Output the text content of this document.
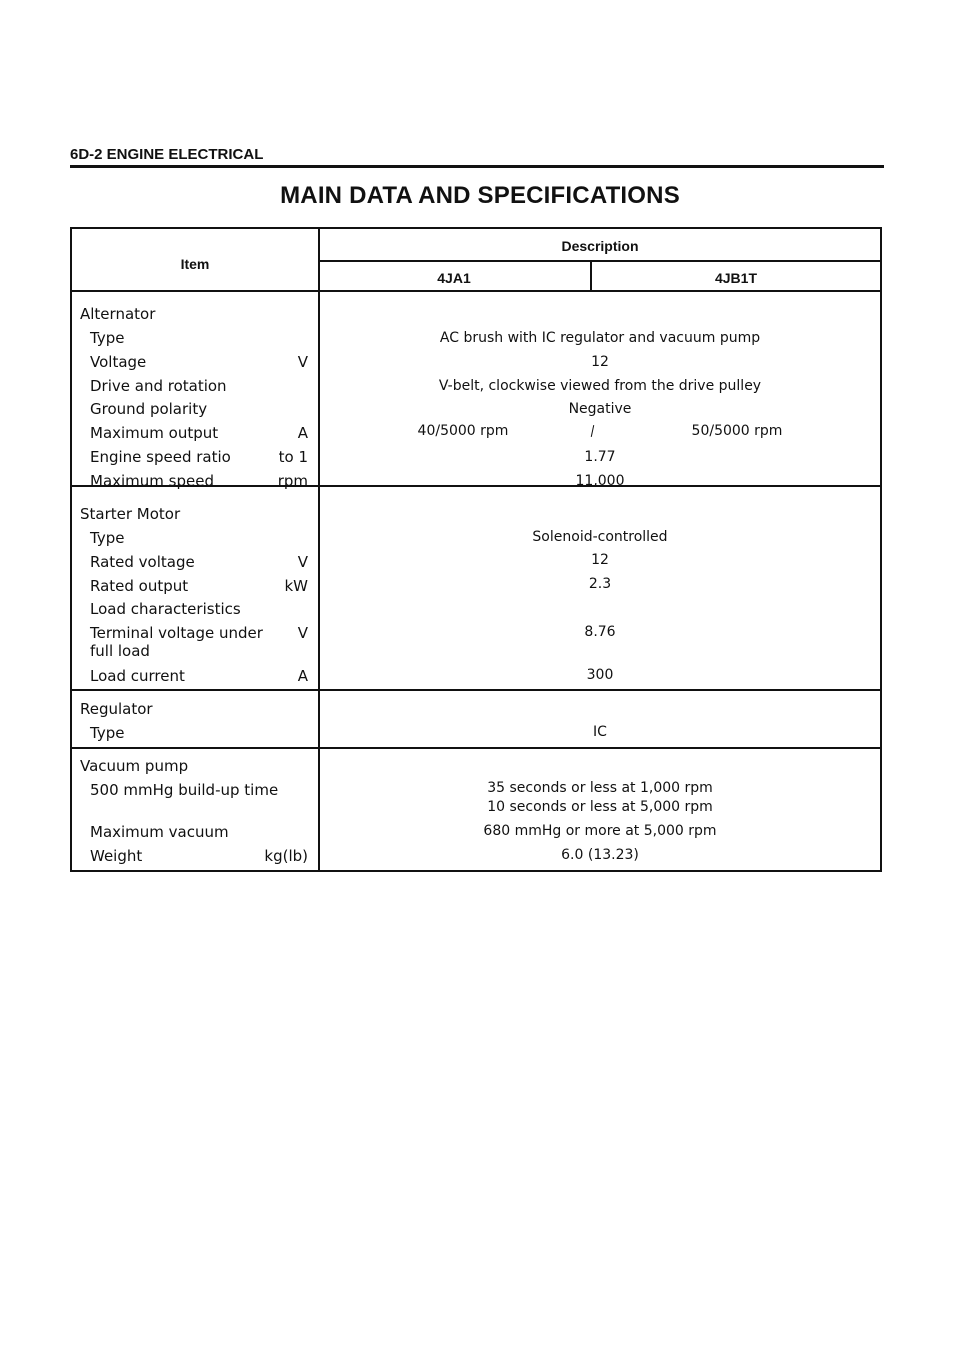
6D-2 ENGINE ELECTRICAL
MAIN DATA AND SPECIFICATIONS
Item
Description
4JA1	4JB1T
Alternator
Type	AC brush with IC regulator and vacuum pump
Voltage	V	12
Drive and rotation	V-belt, clockwise viewed from the drive pulley
Ground polarity	Negative
Maximum output	A	40/5000 rpm	50/5000 rpm
Engine speed ratio	to 1	1.77
Maximum speed	rpm	11,000
Starter Motor
Type	Solenoid-controlled
Rated voltage	V	12
Rated output	kW	2.3
Load characteristics
Terminal voltage under
full load
V	8.76
Load current	A	300
Regulator
Type	IC
Vacuum pump
500 mmHg build-up time	35 seconds or less at 1,000 rpm
10 seconds or less at 5,000 rpm
Maximum vacuum	680 mmHg or more at 5,000 rpm
Weight	kg(lb)	6.0 (13.23)
